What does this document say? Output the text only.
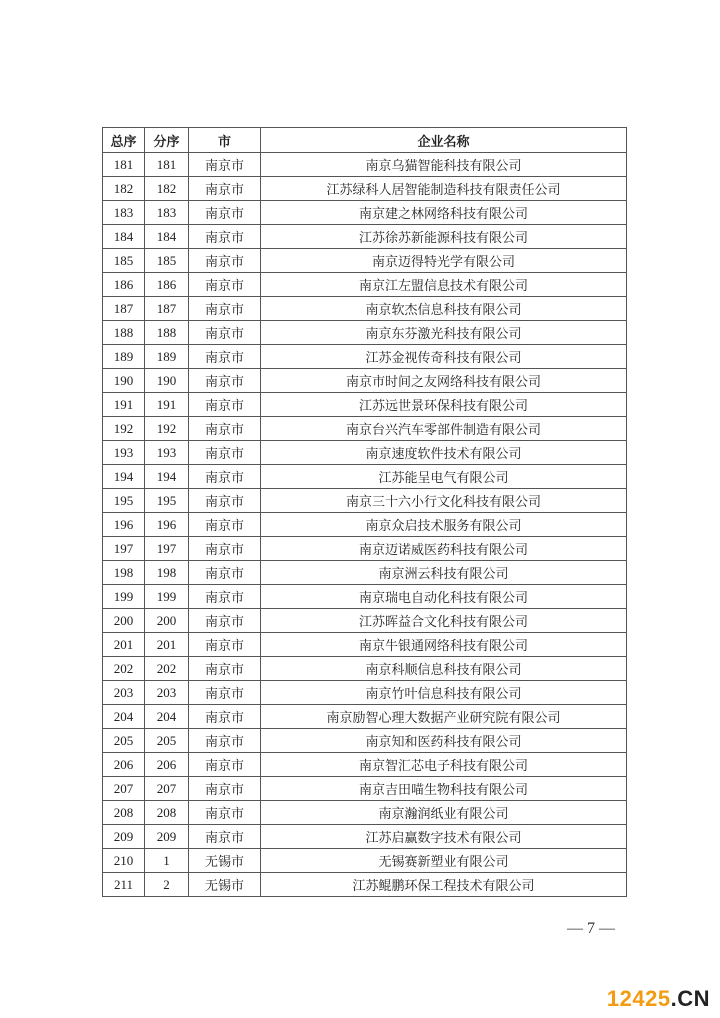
总序	分序	市	企业名称
181	181	南京市	南京乌猫智能科技有限公司
182	182	南京市	江苏绿科人居智能制造科技有限责任公司
183	183	南京市	南京建之林网络科技有限公司
184	184	南京市	江苏徐苏新能源科技有限公司
185	185	南京市	南京迈得特光学有限公司
186	186	南京市	南京江左盟信息技术有限公司
187	187	南京市	南京软杰信息科技有限公司
188	188	南京市	南京东芬激光科技有限公司
189	189	南京市	江苏金视传奇科技有限公司
190	190	南京市	南京市时间之友网络科技有限公司
191	191	南京市	江苏远世景环保科技有限公司
192	192	南京市	南京台兴汽车零部件制造有限公司
193	193	南京市	南京速度软件技术有限公司
194	194	南京市	江苏能呈电气有限公司
195	195	南京市	南京三十六小行文化科技有限公司
196	196	南京市	南京众启技术服务有限公司
197	197	南京市	南京迈诺威医药科技有限公司
198	198	南京市	南京洲云科技有限公司
199	199	南京市	南京瑞电自动化科技有限公司
200	200	南京市	江苏晖益合文化科技有限公司
201	201	南京市	南京牛银通网络科技有限公司
202	202	南京市	南京科顺信息科技有限公司
203	203	南京市	南京竹叶信息科技有限公司
204	204	南京市	南京励智心理大数据产业研究院有限公司
205	205	南京市	南京知和医药科技有限公司
206	206	南京市	南京智汇芯电子科技有限公司
207	207	南京市	南京吉田喵生物科技有限公司
208	208	南京市	南京瀚润纸业有限公司
209	209	南京市	江苏启赢数字技术有限公司
210	1	无锡市	无锡赛新塑业有限公司
211	2	无锡市	江苏鲲鹏环保工程技术有限公司
— 7 —
12425.CN
